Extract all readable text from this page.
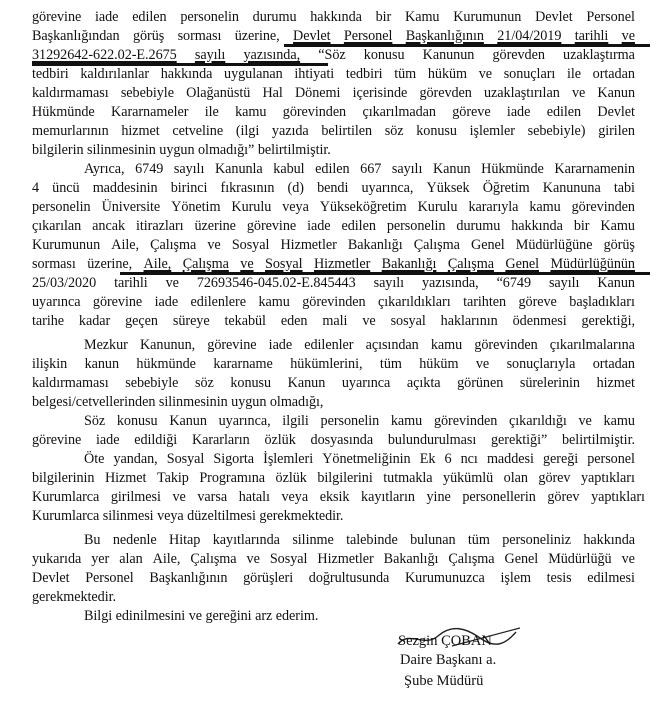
görevine iade edilen personelin durumu hakkında bir Kamu Kurumunun Devlet Personel
Başkanlığından görüş sorması üzerine, Devlet Personel Başkanlığının 21/04/2019 tarihli ve
31292642-622.02-E.2675 sayılı yazısında, “Söz konusu Kanunun görevden uzaklaştırma
tedbiri kaldırılanlar hakkında uygulanan ihtiyati tedbiri tüm hüküm ve sonuçları ile ortadan
kaldırmaması sebebiyle Olağanüstü Hal Dönemi içerisinde görevden uzaklaştırılan ve Kanun
Hükmünde Kararnameler ile kamu görevinden çıkarılmadan göreve iade edilen Devlet
memurlarının hizmet cetveline (ilgi yazıda belirtilen söz konusu işlemler sebebiyle) girilen
bilgilerin silinmesinin uygun olmadığı” belirtilmiştir.
Ayrıca, 6749 sayılı Kanunla kabul edilen 667 sayılı Kanun Hükmünde Kararnamenin
4 üncü maddesinin birinci fıkrasının (d) bendi uyarınca, Yüksek Öğretim Kanununa tabi
personelin Üniversite Yönetim Kurulu veya Yükseköğretim Kurulu kararıyla kamu görevinden
çıkarılan ancak itirazları üzerine görevine iade edilen personelin durumu hakkında bir Kamu
Kurumunun Aile, Çalışma ve Sosyal Hizmetler Bakanlığı Çalışma Genel Müdürlüğüne görüş
sorması üzerine, Aile, Çalışma ve Sosyal Hizmetler Bakanlığı Çalışma Genel Müdürlüğünün
25/03/2020 tarihli ve 72693546-045.02-E.845443 sayılı yazısında, “6749 sayılı Kanun
uyarınca görevine iade edilenlere kamu görevinden çıkarıldıkları tarihten göreve başladıkları
tarihe kadar geçen süreye tekabül eden mali ve sosyal haklarının ödenmesi gerektiği,
Mezkur Kanunun, görevine iade edilenler açısından kamu görevinden çıkarılmalarına
ilişkin kanun hükmünde kararname hükümlerini, tüm hüküm ve sonuçlarıyla ortadan
kaldırmaması sebebiyle söz konusu Kanun uyarınca açıkta görünen sürelerinin hizmet
belgesi/cetvellerinden silinmesinin uygun olmadığı,
Söz konusu Kanun uyarınca, ilgili personelin kamu görevinden çıkarıldığı ve kamu
görevine iade edildiği Kararların özlük dosyasında bulundurulması gerektiği” belirtilmiştir.
Öte yandan, Sosyal Sigorta İşlemleri Yönetmeliğinin Ek 6 ncı maddesi gereği personel
bilgilerinin Hizmet Takip Programına özlük bilgilerini tutmakla yükümlü olan görev yaptıkları
Kurumlarca girilmesi ve varsa hatalı veya eksik kayıtların yine personellerin görev yaptıkları
Kurumlarca silinmesi veya düzeltilmesi gerekmektedir.
Bu nedenle Hitap kayıtlarında silinme talebinde bulunan tüm personeliniz hakkında
yukarıda yer alan Aile, Çalışma ve Sosyal Hizmetler Bakanlığı Çalışma Genel Müdürlüğü ve
Devlet Personel Başkanlığının görüşleri doğrultusunda Kurumunuzca işlem tesis edilmesi
gerekmektedir.
Bilgi edinilmesini ve gereğini arz ederim.
Sezgin ÇOBAN
Daire Başkanı a.
Şube Müdürü
